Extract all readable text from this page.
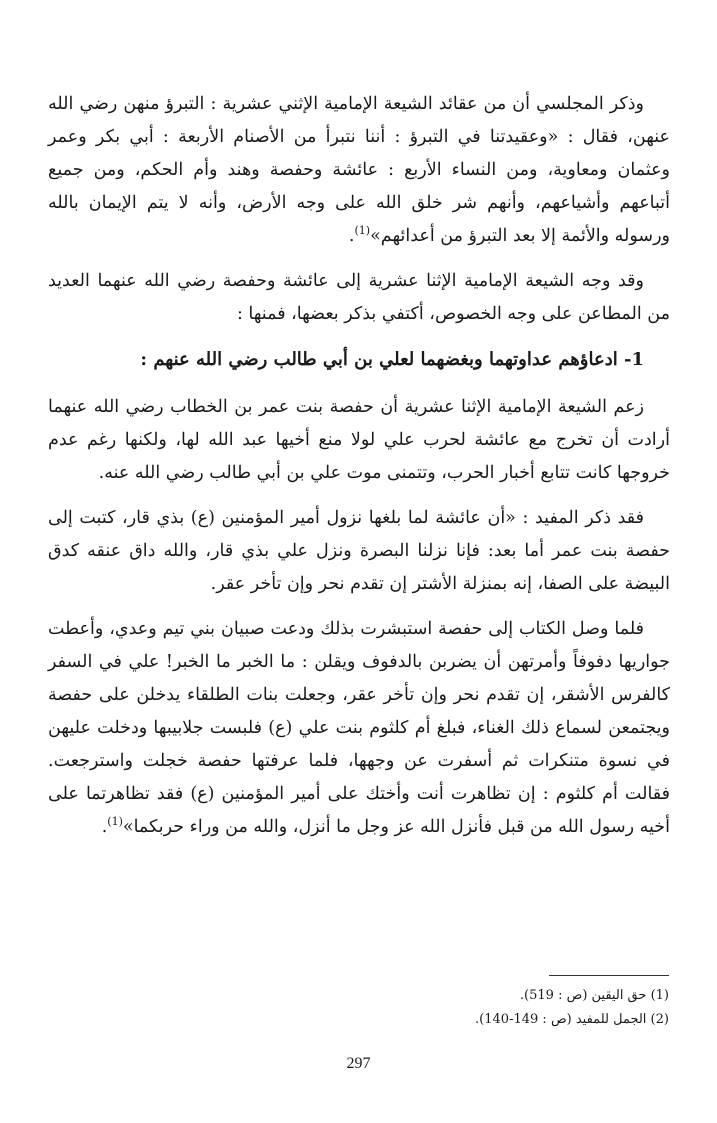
وذكر المجلسي أن من عقائد الشيعة الإمامية الإثني عشرية : التبرؤ منهن رضي الله عنهن، فقال : «وعقيدتنا في التبرؤ : أننا نتبرأ من الأصنام الأربعة : أبي بكر وعمر وعثمان ومعاوية، ومن النساء الأربع : عائشة وحفصة وهند وأم الحكم، ومن جميع أتباعهم وأشياعهم، وأنهم شر خلق الله على وجه الأرض، وأنه لا يتم الإيمان بالله ورسوله والأئمة إلا بعد التبرؤ من أعدائهم»$^{(1)}$.

وقد وجه الشيعة الإمامية الإثنا عشرية إلى عائشة وحفصة رضي الله عنهما العديد من المطاعن على وجه الخصوص، أكتفي بذكر بعضها، فمنها :

1- ادعاؤهم عداوتهما وبغضهما لعلي بن أبي طالب رضي الله عنهم :

زعم الشيعة الإمامية الإثنا عشرية أن حفصة بنت عمر بن الخطاب رضي الله عنهما أرادت أن تخرج مع عائشة لحرب علي لولا منع أخيها عبد الله لها، ولكنها رغم عدم خروجها كانت تتابع أخبار الحرب، وتتمنى موت علي بن أبي طالب رضي الله عنه.

فقد ذكر المفيد : «أن عائشة لما بلغها نزول أمير المؤمنين (ع) بذي قار، كتبت إلى حفصة بنت عمر أما بعد: فإنا نزلنا البصرة ونزل علي بذي قار، والله داق عنقه كدق البيضة على الصفا، إنه بمنزلة الأشتر إن تقدم نحر وإن تأخر عقر.

فلما وصل الكتاب إلى حفصة استبشرت بذلك ودعت صبيان بني تيم وعدي، وأعطت جواريها دفوفاً وأمرتهن أن يضربن بالدفوف ويقلن : ما الخبر ما الخبر! علي في السفر كالفرس الأشقر، إن تقدم نحر وإن تأخر عقر، وجعلت بنات الطلقاء يدخلن على حفصة ويجتمعن لسماع ذلك الغناء، فبلغ أم كلثوم بنت علي (ع) فلبست جلابيبها ودخلت عليهن في نسوة متنكرات ثم أسفرت عن وجهها، فلما عرفتها حفصة خجلت واسترجعت. فقالت أم كلثوم : إن تظاهرت أنت وأختك على أمير المؤمنين (ع) فقد تظاهرتما على أخيه رسول الله من قبل فأنزل الله عز وجل ما أنزل، والله من وراء حربكما»$^{(1)}$.

(1) حق اليقين (ص : 519).
(2) الجمل للمفيد (ص : 149-140).
297
